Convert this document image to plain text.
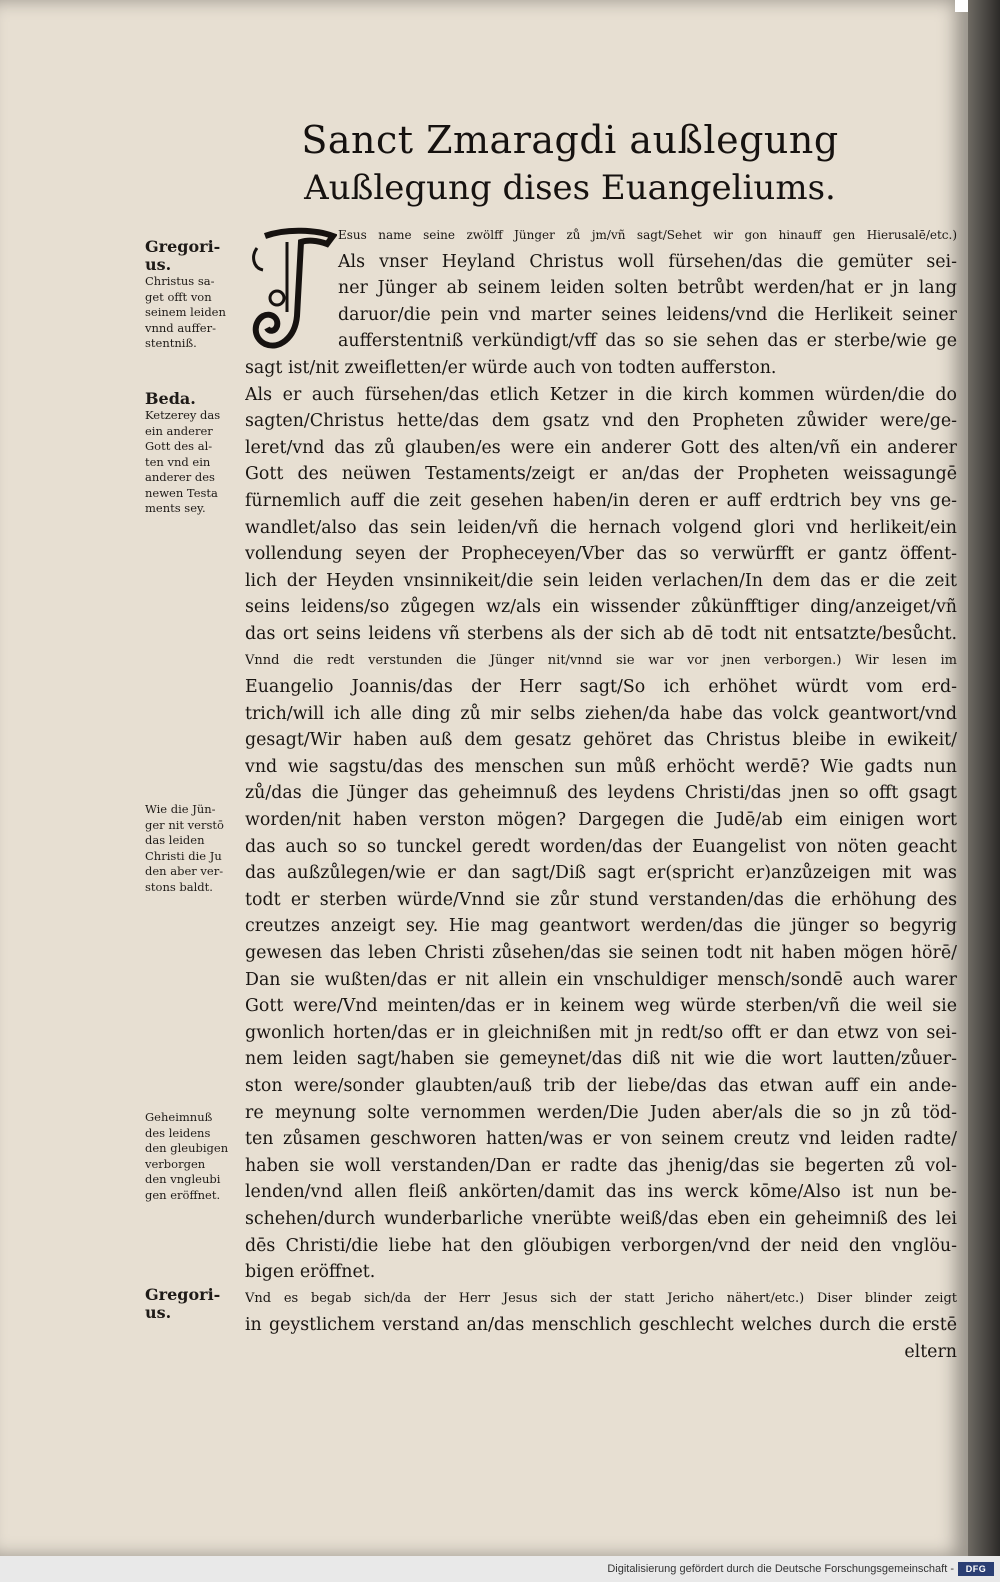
Sanct Zmaragdi außlegung
Außlegung dises Euangeliums.
Gregori-
us.
Christus sa-
get offt von
seinem leiden
vnnd auffer-
stentniß.
Beda.
Ketzerey das
ein anderer
Gott des al-
ten vnd ein
anderer des
newen Testa
ments sey.
Wie die Jün-
ger nit verstō
das leiden
Christi die Ju
den aber ver-
stons baldt.
Geheimnuß
des leidens
den gleubigen
verborgen
den vngleubi
gen eröffnet.
Gregori-
us.
Esus name seine zwölff Jünger zů jm/vñ sagt/Sehet wir gon hinauff gen Hierusalē/etc.)
Als vnser Heyland Christus woll fürsehen/das die gemüter sei-
ner Jünger ab seinem leiden solten betrůbt werden/hat er jn lang
daruor/die pein vnd marter seines leidens/vnd die Herlikeit seiner
aufferstentniß verkündigt/vff das so sie sehen das er sterbe/wie ge
sagt ist/nit zweifletten/er würde auch von todten aufferston.
Als er auch fürsehen/das etlich Ketzer in die kirch kommen würden/die do
sagten/Christus hette/das dem gsatz vnd den Propheten zůwider were/ge-
leret/vnd das zů glauben/es were ein anderer Gott des alten/vñ ein anderer
Gott des neüwen Testaments/zeigt er an/das der Propheten weissagungē
fürnemlich auff die zeit gesehen haben/in deren er auff erdtrich bey vns ge-
wandlet/also das sein leiden/vñ die hernach volgend glori vnd herlikeit/ein
vollendung seyen der Propheceyen/Vber das so verwürfft er gantz öffent-
lich der Heyden vnsinnikeit/die sein leiden verlachen/In dem das er die zeit
seins leidens/so zůgegen wz/als ein wissender zůkünfftiger ding/anzeiget/vñ
das ort seins leidens vñ sterbens als der sich ab dē todt nit entsatzte/besůcht.
Vnnd die redt verstunden die Jünger nit/vnnd sie war vor jnen verborgen.) Wir lesen im
Euangelio Joannis/das der Herr sagt/So ich erhöhet würdt vom erd-
trich/will ich alle ding zů mir selbs ziehen/da habe das volck geantwort/vnd
gesagt/Wir haben auß dem gesatz gehöret das Christus bleibe in ewikeit/
vnd wie sagstu/das des menschen sun můß erhöcht werdē? Wie gadts nun
zů/das die Jünger das geheimnuß des leydens Christi/das jnen so offt gsagt
worden/nit haben verston mögen? Dargegen die Judē/ab eim einigen wort
das auch so so tunckel geredt worden/das der Euangelist von nöten geacht
das außzůlegen/wie er dan sagt/Diß sagt er(spricht er)anzůzeigen mit was
todt er sterben würde/Vnnd sie zůr stund verstanden/das die erhöhung des
creutzes anzeigt sey. Hie mag geantwort werden/das die jünger so begyrig
gewesen das leben Christi zůsehen/das sie seinen todt nit haben mögen hörē/
Dan sie wußten/das er nit allein ein vnschuldiger mensch/sondē auch warer
Gott were/Vnd meinten/das er in keinem weg würde sterben/vñ die weil sie
gwonlich horten/das er in gleichnißen mit jn redt/so offt er dan etwz von sei-
nem leiden sagt/haben sie gemeynet/das diß nit wie die wort lautten/zůuer-
ston were/sonder glaubten/auß trib der liebe/das das etwan auff ein ande-
re meynung solte vernommen werden/Die Juden aber/als die so jn zů töd-
ten zůsamen geschworen hatten/was er von seinem creutz vnd leiden radte/
haben sie woll verstanden/Dan er radte das jhenig/das sie begerten zů vol-
lenden/vnd allen fleiß ankörten/damit das ins werck kōme/Also ist nun be-
schehen/durch wunderbarliche vnerübte weiß/das eben ein geheimniß des lei
dēs Christi/die liebe hat den glöubigen verborgen/vnd der neid den vnglöu-
bigen eröffnet.
Vnd es begab sich/da der Herr Jesus sich der statt Jericho nähert/etc.) Diser blinder zeigt
in geystlichem verstand an/das menschlich geschlecht welches durch die erstē
eltern
Digitalisierung gefördert durch die Deutsche Forschungsgemeinschaft -	DFG
